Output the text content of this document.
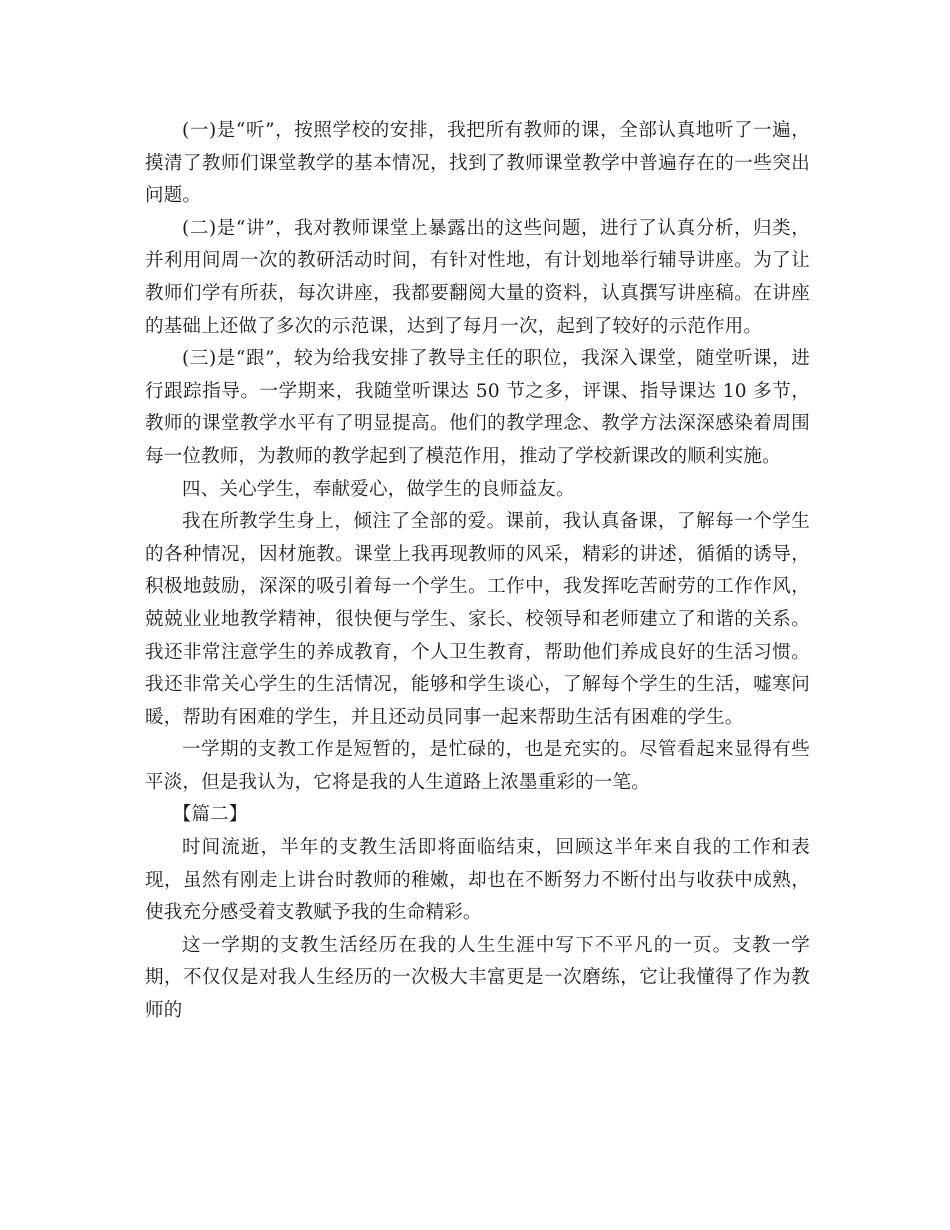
(一)是“听”，按照学校的安排，我把所有教师的课，全部认真地听了一遍，摸清了教师们课堂教学的基本情况，找到了教师课堂教学中普遍存在的一些突出问题。

(二)是“讲”，我对教师课堂上暴露出的这些问题，进行了认真分析，归类，并利用间周一次的教研活动时间，有针对性地，有计划地举行辅导讲座。为了让教师们学有所获，每次讲座，我都要翻阅大量的资料，认真撰写讲座稿。在讲座的基础上还做了多次的示范课，达到了每月一次，起到了较好的示范作用。

(三)是“跟”，较为给我安排了教导主任的职位，我深入课堂，随堂听课，进行跟踪指导。一学期来，我随堂听课达 50 节之多，评课、指导课达 10 多节，教师的课堂教学水平有了明显提高。他们的教学理念、教学方法深深感染着周围每一位教师，为教师的教学起到了模范作用，推动了学校新课改的顺利实施。

四、关心学生，奉献爱心，做学生的良师益友。

我在所教学生身上，倾注了全部的爱。课前，我认真备课，了解每一个学生的各种情况，因材施教。课堂上我再现教师的风采，精彩的讲述，循循的诱导，积极地鼓励，深深的吸引着每一个学生。工作中，我发挥吃苦耐劳的工作作风，兢兢业业地教学精神，很快便与学生、家长、校领导和老师建立了和谐的关系。我还非常注意学生的养成教育，个人卫生教育，帮助他们养成良好的生活习惯。我还非常关心学生的生活情况，能够和学生谈心，了解每个学生的生活，嘘寒问暖，帮助有困难的学生，并且还动员同事一起来帮助生活有困难的学生。

一学期的支教工作是短暂的，是忙碌的，也是充实的。尽管看起来显得有些平淡，但是我认为，它将是我的人生道路上浓墨重彩的一笔。

【篇二】

时间流逝，半年的支教生活即将面临结束，回顾这半年来自我的工作和表现，虽然有刚走上讲台时教师的稚嫩，却也在不断努力不断付出与收获中成熟，使我充分感受着支教赋予我的生命精彩。

这一学期的支教生活经历在我的人生生涯中写下不平凡的一页。支教一学期，不仅仅是对我人生经历的一次极大丰富更是一次磨练，它让我懂得了作为教师的
